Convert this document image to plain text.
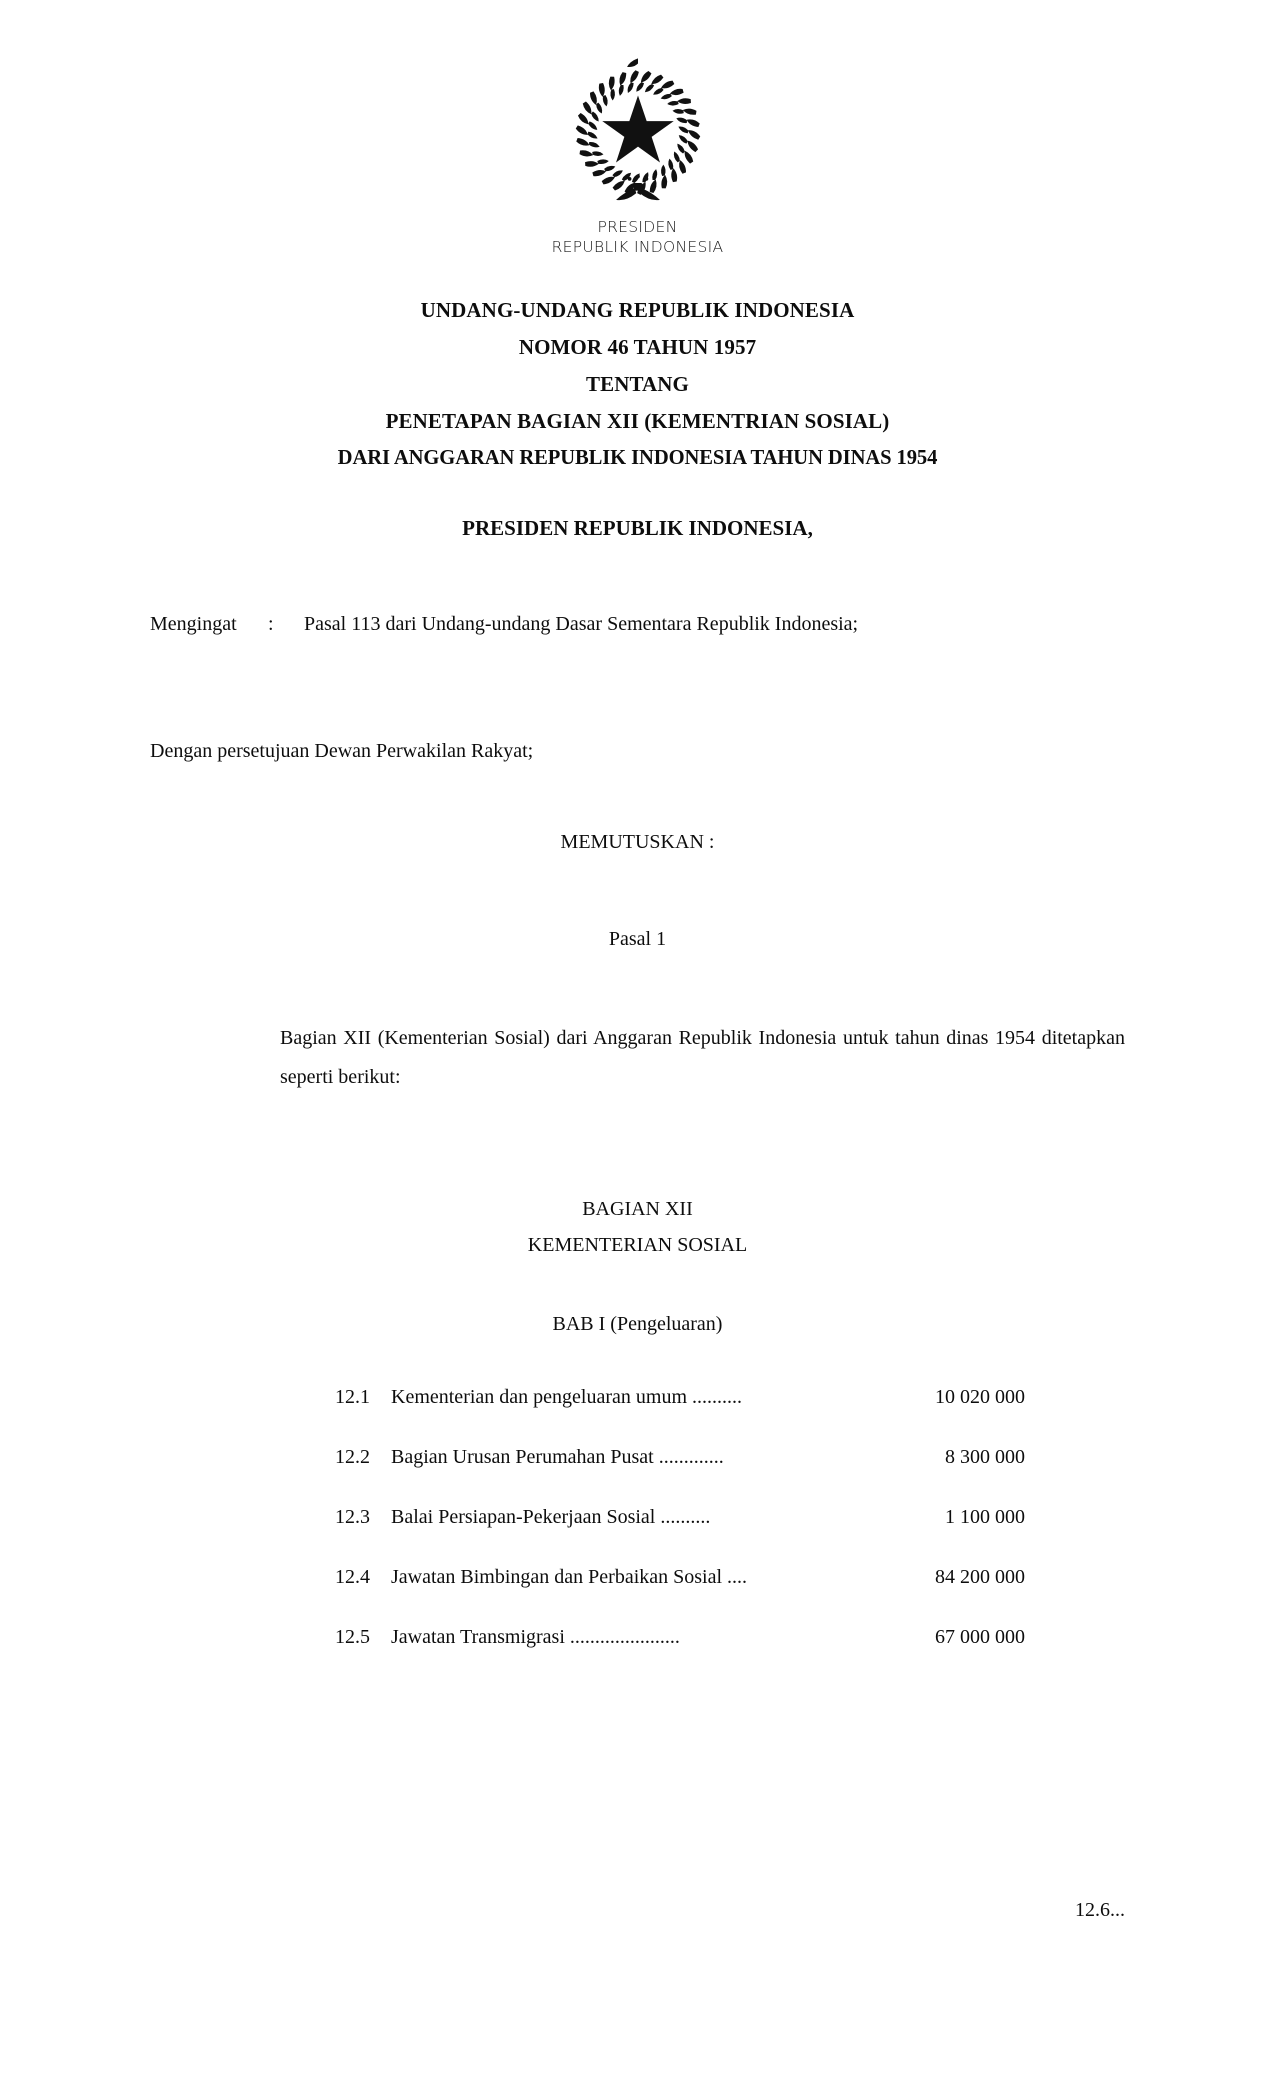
PRESIDEN
REPUBLIK INDONESIA
UNDANG-UNDANG REPUBLIK INDONESIA
NOMOR 46 TAHUN 1957
TENTANG
PENETAPAN BAGIAN XII (KEMENTRIAN SOSIAL)
DARI ANGGARAN REPUBLIK INDONESIA TAHUN DINAS 1954
PRESIDEN REPUBLIK INDONESIA,
Mengingat	:	Pasal 113 dari Undang-undang Dasar Sementara Republik Indonesia;
Dengan persetujuan Dewan Perwakilan Rakyat;
MEMUTUSKAN :
Pasal 1
Bagian XII (Kementerian Sosial) dari Anggaran Republik Indonesia untuk tahun dinas 1954 ditetapkan seperti berikut:
BAGIAN XII
KEMENTERIAN SOSIAL
BAB I (Pengeluaran)
12.1	Kementerian dan pengeluaran umum ..........	10 020 000
12.2	Bagian Urusan Perumahan Pusat .............	8 300 000
12.3	Balai Persiapan-Pekerjaan Sosial ..........	1 100 000
12.4	Jawatan Bimbingan dan Perbaikan Sosial ....	84 200 000
12.5	Jawatan Transmigrasi ......................	67 000 000
12.6...
